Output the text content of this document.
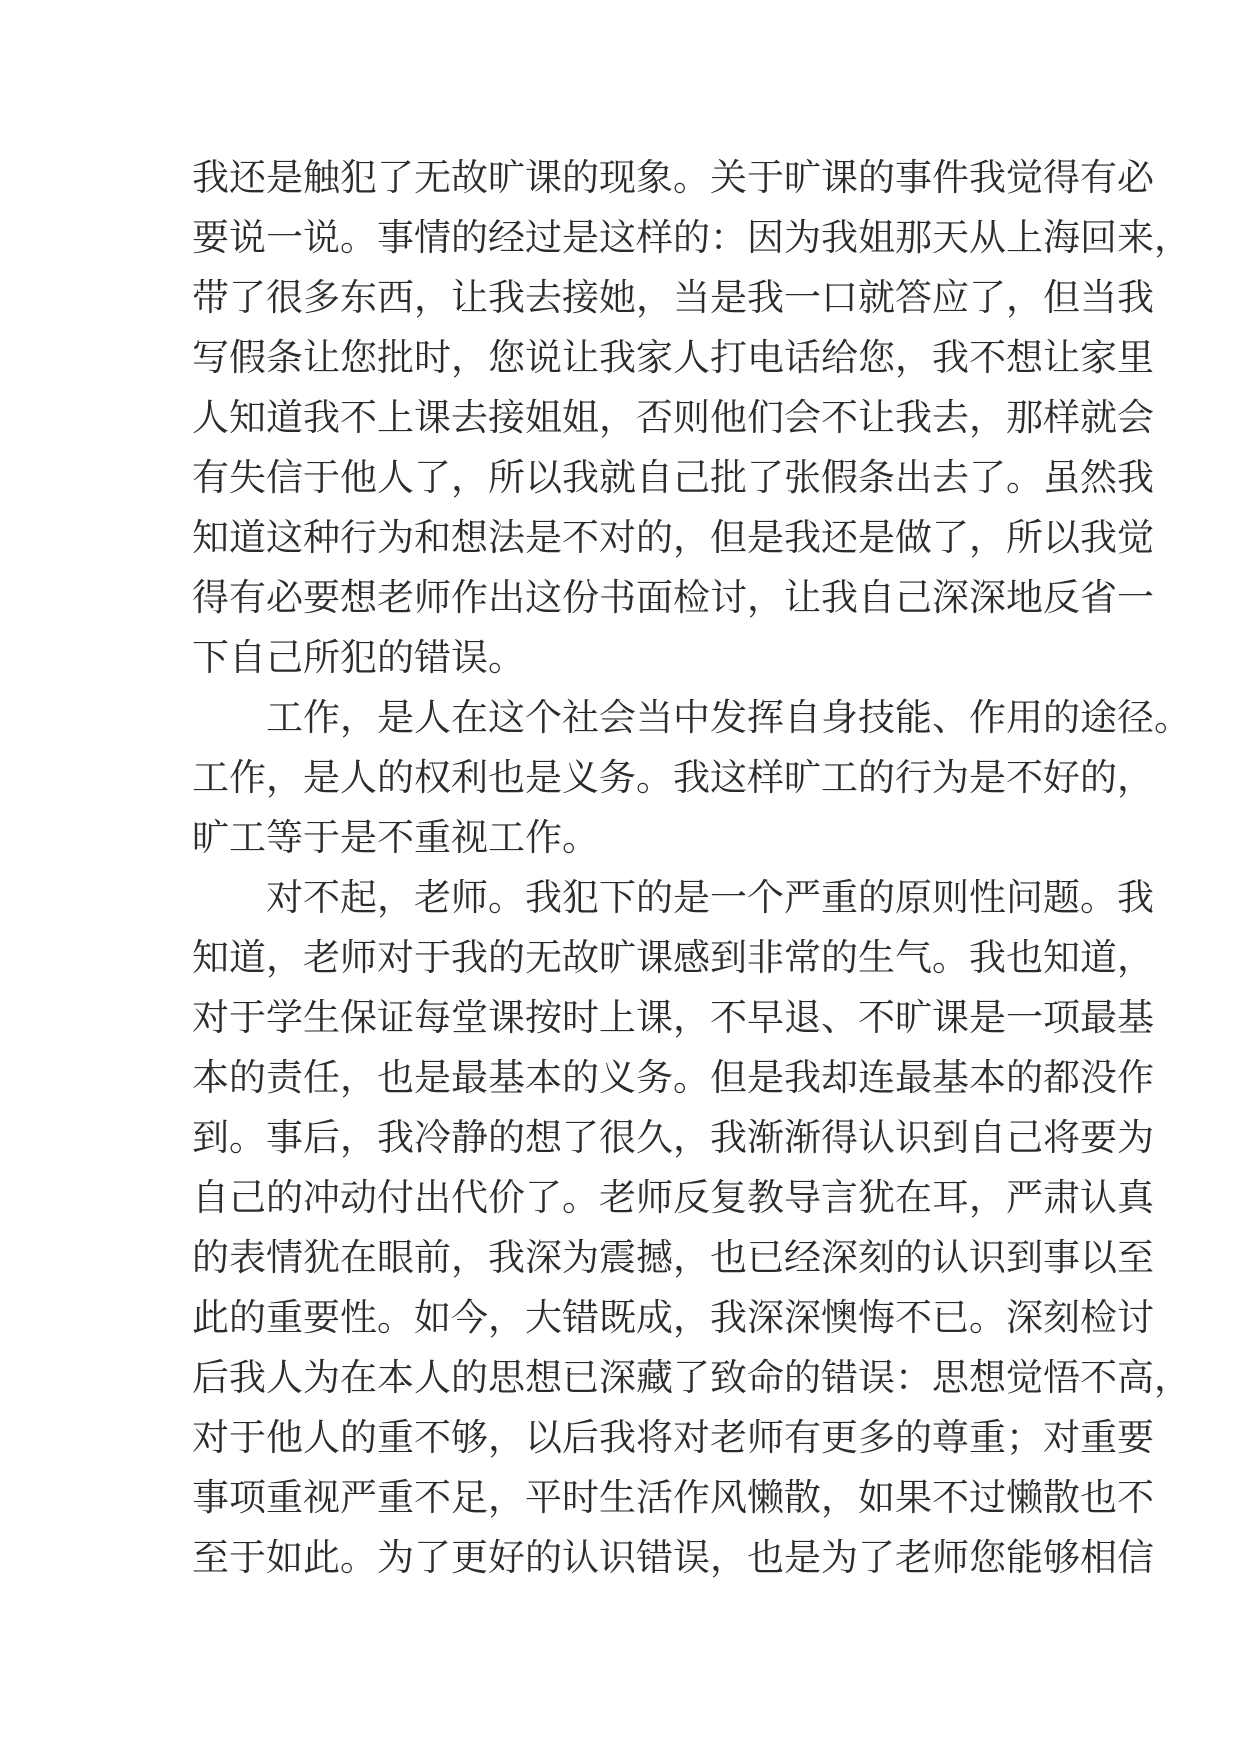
我还是触犯了无故旷课的现象。关于旷课的事件我觉得有必
要说一说。事情的经过是这样的：因为我姐那天从上海回来，
带了很多东西，让我去接她，当是我一口就答应了，但当我
写假条让您批时，您说让我家人打电话给您，我不想让家里
人知道我不上课去接姐姐，否则他们会不让我去，那样就会
有失信于他人了，所以我就自己批了张假条出去了。虽然我
知道这种行为和想法是不对的，但是我还是做了，所以我觉
得有必要想老师作出这份书面检讨，让我自己深深地反省一
下自己所犯的错误。
工作，是人在这个社会当中发挥自身技能、作用的途径。
工作，是人的权利也是义务。我这样旷工的行为是不好的，
旷工等于是不重视工作。
对不起，老师。我犯下的是一个严重的原则性问题。我
知道，老师对于我的无故旷课感到非常的生气。我也知道，
对于学生保证每堂课按时上课，不早退、不旷课是一项最基
本的责任，也是最基本的义务。但是我却连最基本的都没作
到。事后，我冷静的想了很久，我渐渐得认识到自己将要为
自己的冲动付出代价了。老师反复教导言犹在耳，严肃认真
的表情犹在眼前，我深为震撼，也已经深刻的认识到事以至
此的重要性。如今，大错既成，我深深懊悔不已。深刻检讨
后我人为在本人的思想已深藏了致命的错误：思想觉悟不高，
对于他人的重不够，以后我将对老师有更多的尊重；对重要
事项重视严重不足，平时生活作风懒散，如果不过懒散也不
至于如此。为了更好的认识错误，也是为了老师您能够相信
